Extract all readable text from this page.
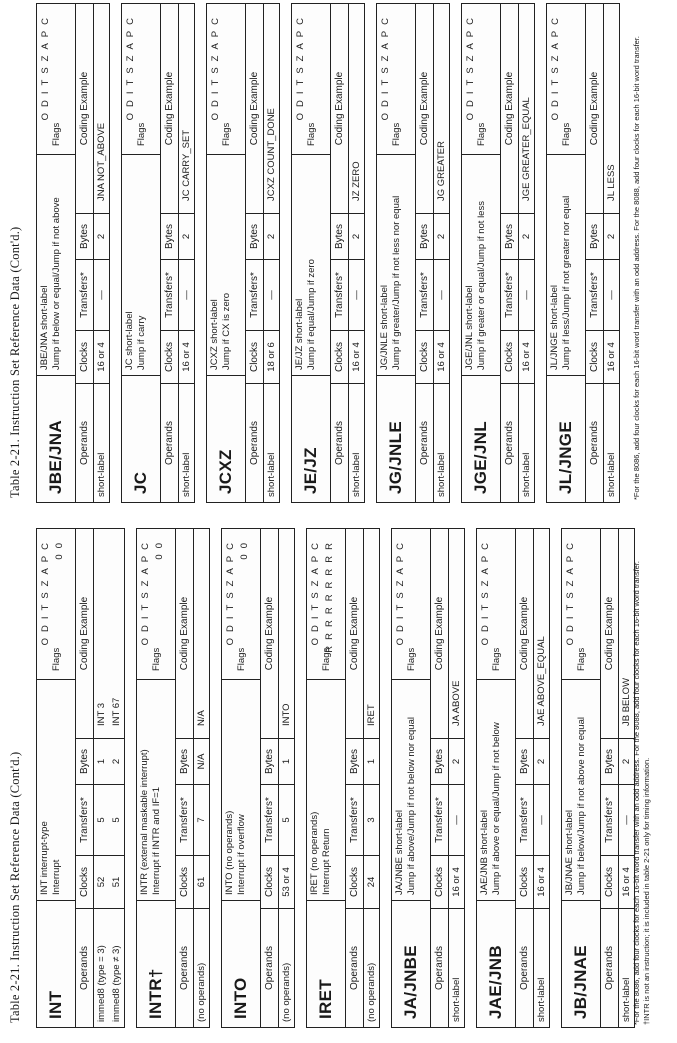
Table 2-21. Instruction Set Reference Data (Cont'd.)
Table 2-21. Instruction Set Reference Data (Cont'd.)
INT
INT interrupt-type Interrupt
Flags
ODITSZAPC 00
Operands
Clocks
Transfers*
Bytes
Coding Example
immed8 (type = 3)
52
5
1
INT 3
immed8 (type ≠ 3)
51
5
2
INT 67
INTR†
INTR (external maskable interrupt) Interrupt if INTR and IF=1
Flags
ODITSZAPC 00
Operands
Clocks
Transfers*
Bytes
Coding Example
(no operands)
61
7
N/A
N/A
INTO
INTO (no operands) Interrupt if overflow
Flags
ODITSZAPC 00
Operands
Clocks
Transfers*
Bytes
Coding Example
(no operands)
53 or 4
5
1
INTO
IRET
IRET (no operands) Interrupt Return
Flags
ODITSZAPC RRRRRRRRR
Operands
Clocks
Transfers*
Bytes
Coding Example
(no operands)
24
3
1
IRET
JA/JNBE
JA/JNBE short-label Jump if above/Jump if not below nor equal
Flags
ODITSZAPC
Operands
Clocks
Transfers*
Bytes
Coding Example
short-label
16 or 4
—
2
JA ABOVE
JAE/JNB
JAE/JNB short-label Jump if above or equal/Jump if not below
Flags
ODITSZAPC
Operands
Clocks
Transfers*
Bytes
Coding Example
short-label
16 or 4
—
2
JAE ABOVE_EQUAL
JB/JNAE
JB/JNAE short-label Jump if below/Jump if not above nor equal
Flags
ODITSZAPC
Operands
Clocks
Transfers*
Bytes
Coding Example
short-label
16 or 4
—
2
JB BELOW
JBE/JNA
JBE/JNA short-label Jump if below or equal/Jump if not above
Flags
ODITSZAPC
Operands
Clocks
Transfers*
Bytes
Coding Example
short-label
16 or 4
—
2
JNA NOT_ABOVE
JC
JC short-label Jump if carry
Flags
ODITSZAPC
Operands
Clocks
Transfers*
Bytes
Coding Example
short-label
16 or 4
—
2
JC CARRY_SET
JCXZ
JCXZ short-label Jump if CX is zero
Flags
ODITSZAPC
Operands
Clocks
Transfers*
Bytes
Coding Example
short-label
18 or 6
—
2
JCXZ COUNT_DONE
JE/JZ
JE/JZ short-label Jump if equal/Jump if zero
Flags
ODITSZAPC
Operands
Clocks
Transfers*
Bytes
Coding Example
short-label
16 or 4
—
2
JZ ZERO
JG/JNLE
JG/JNLE short-label Jump if greater/Jump if not less nor equal
Flags
ODITSZAPC
Operands
Clocks
Transfers*
Bytes
Coding Example
short-label
16 or 4
—
2
JG GREATER
JGE/JNL
JGE/JNL short-label Jump if greater or equal/Jump if not less
Flags
ODITSZAPC
Operands
Clocks
Transfers*
Bytes
Coding Example
short-label
16 or 4
—
2
JGE GREATER_EQUAL
JL/JNGE
JL/JNGE short-label Jump if less/Jump if not greater nor equal
Flags
ODITSZAPC
Operands
Clocks
Transfers*
Bytes
Coding Example
short-label
16 or 4
—
2
JL LESS
*For the 8086, add four clocks for each 16-bit word transfer with an odd address. For the 8088, add four clocks for each 16-bit word transfer. †INTR is not an instruction; it is included in table 2-21 only for timing information.
*For the 8086, add four clocks for each 16-bit word transfer with an odd address. For the 8088, add four clocks for each 16-bit word transfer.
